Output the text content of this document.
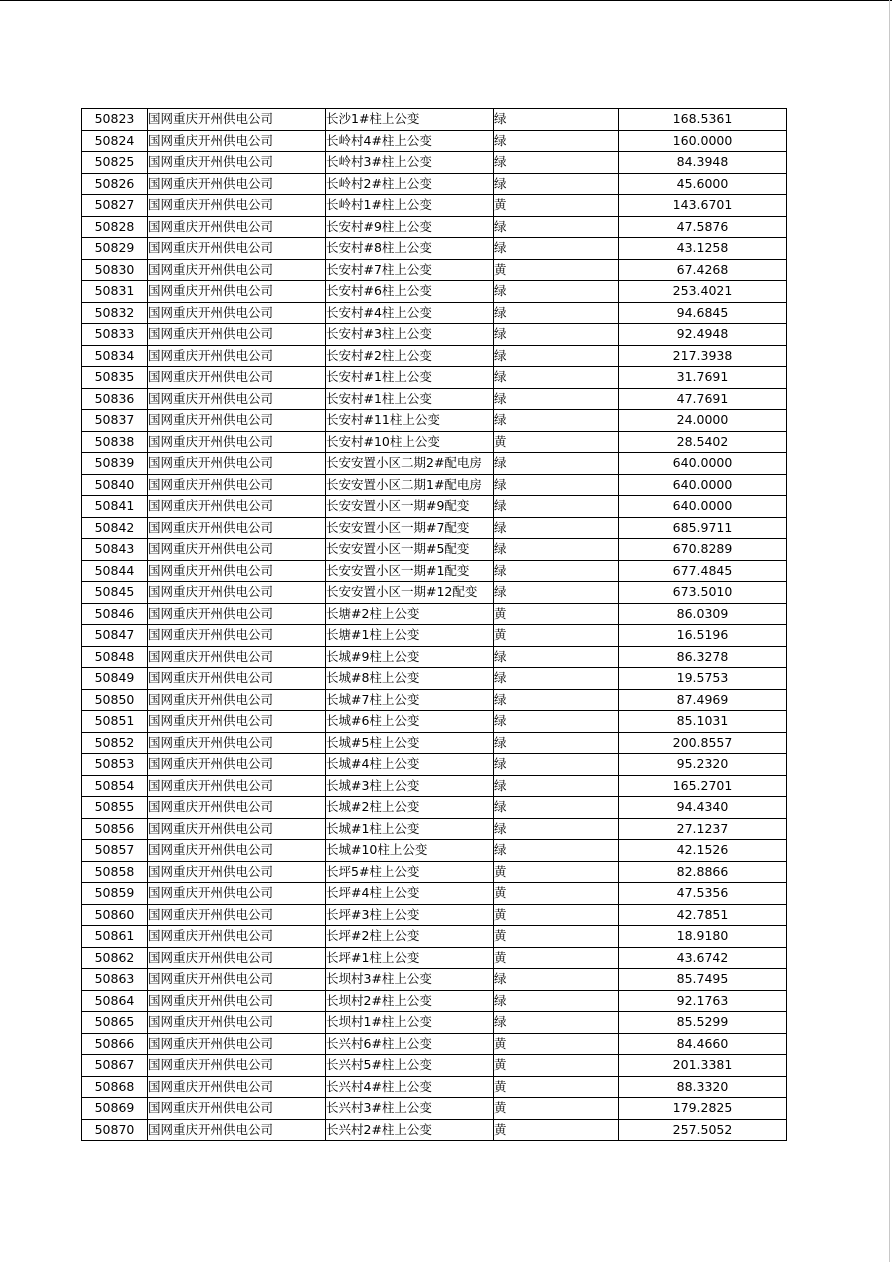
50823	国网重庆开州供电公司	长沙1#柱上公变	绿	168.5361
50824	国网重庆开州供电公司	长岭村4#柱上公变	绿	160.0000
50825	国网重庆开州供电公司	长岭村3#柱上公变	绿	84.3948
50826	国网重庆开州供电公司	长岭村2#柱上公变	绿	45.6000
50827	国网重庆开州供电公司	长岭村1#柱上公变	黄	143.6701
50828	国网重庆开州供电公司	长安村#9柱上公变	绿	47.5876
50829	国网重庆开州供电公司	长安村#8柱上公变	绿	43.1258
50830	国网重庆开州供电公司	长安村#7柱上公变	黄	67.4268
50831	国网重庆开州供电公司	长安村#6柱上公变	绿	253.4021
50832	国网重庆开州供电公司	长安村#4柱上公变	绿	94.6845
50833	国网重庆开州供电公司	长安村#3柱上公变	绿	92.4948
50834	国网重庆开州供电公司	长安村#2柱上公变	绿	217.3938
50835	国网重庆开州供电公司	长安村#1柱上公变	绿	31.7691
50836	国网重庆开州供电公司	长安村#1柱上公变	绿	47.7691
50837	国网重庆开州供电公司	长安村#11柱上公变	绿	24.0000
50838	国网重庆开州供电公司	长安村#10柱上公变	黄	28.5402
50839	国网重庆开州供电公司	长安安置小区二期2#配电房	绿	640.0000
50840	国网重庆开州供电公司	长安安置小区二期1#配电房	绿	640.0000
50841	国网重庆开州供电公司	长安安置小区一期#9配变	绿	640.0000
50842	国网重庆开州供电公司	长安安置小区一期#7配变	绿	685.9711
50843	国网重庆开州供电公司	长安安置小区一期#5配变	绿	670.8289
50844	国网重庆开州供电公司	长安安置小区一期#1配变	绿	677.4845
50845	国网重庆开州供电公司	长安安置小区一期#12配变	绿	673.5010
50846	国网重庆开州供电公司	长塘#2柱上公变	黄	86.0309
50847	国网重庆开州供电公司	长塘#1柱上公变	黄	16.5196
50848	国网重庆开州供电公司	长城#9柱上公变	绿	86.3278
50849	国网重庆开州供电公司	长城#8柱上公变	绿	19.5753
50850	国网重庆开州供电公司	长城#7柱上公变	绿	87.4969
50851	国网重庆开州供电公司	长城#6柱上公变	绿	85.1031
50852	国网重庆开州供电公司	长城#5柱上公变	绿	200.8557
50853	国网重庆开州供电公司	长城#4柱上公变	绿	95.2320
50854	国网重庆开州供电公司	长城#3柱上公变	绿	165.2701
50855	国网重庆开州供电公司	长城#2柱上公变	绿	94.4340
50856	国网重庆开州供电公司	长城#1柱上公变	绿	27.1237
50857	国网重庆开州供电公司	长城#10柱上公变	绿	42.1526
50858	国网重庆开州供电公司	长坪5#柱上公变	黄	82.8866
50859	国网重庆开州供电公司	长坪#4柱上公变	黄	47.5356
50860	国网重庆开州供电公司	长坪#3柱上公变	黄	42.7851
50861	国网重庆开州供电公司	长坪#2柱上公变	黄	18.9180
50862	国网重庆开州供电公司	长坪#1柱上公变	黄	43.6742
50863	国网重庆开州供电公司	长坝村3#柱上公变	绿	85.7495
50864	国网重庆开州供电公司	长坝村2#柱上公变	绿	92.1763
50865	国网重庆开州供电公司	长坝村1#柱上公变	绿	85.5299
50866	国网重庆开州供电公司	长兴村6#柱上公变	黄	84.4660
50867	国网重庆开州供电公司	长兴村5#柱上公变	黄	201.3381
50868	国网重庆开州供电公司	长兴村4#柱上公变	黄	88.3320
50869	国网重庆开州供电公司	长兴村3#柱上公变	黄	179.2825
50870	国网重庆开州供电公司	长兴村2#柱上公变	黄	257.5052
